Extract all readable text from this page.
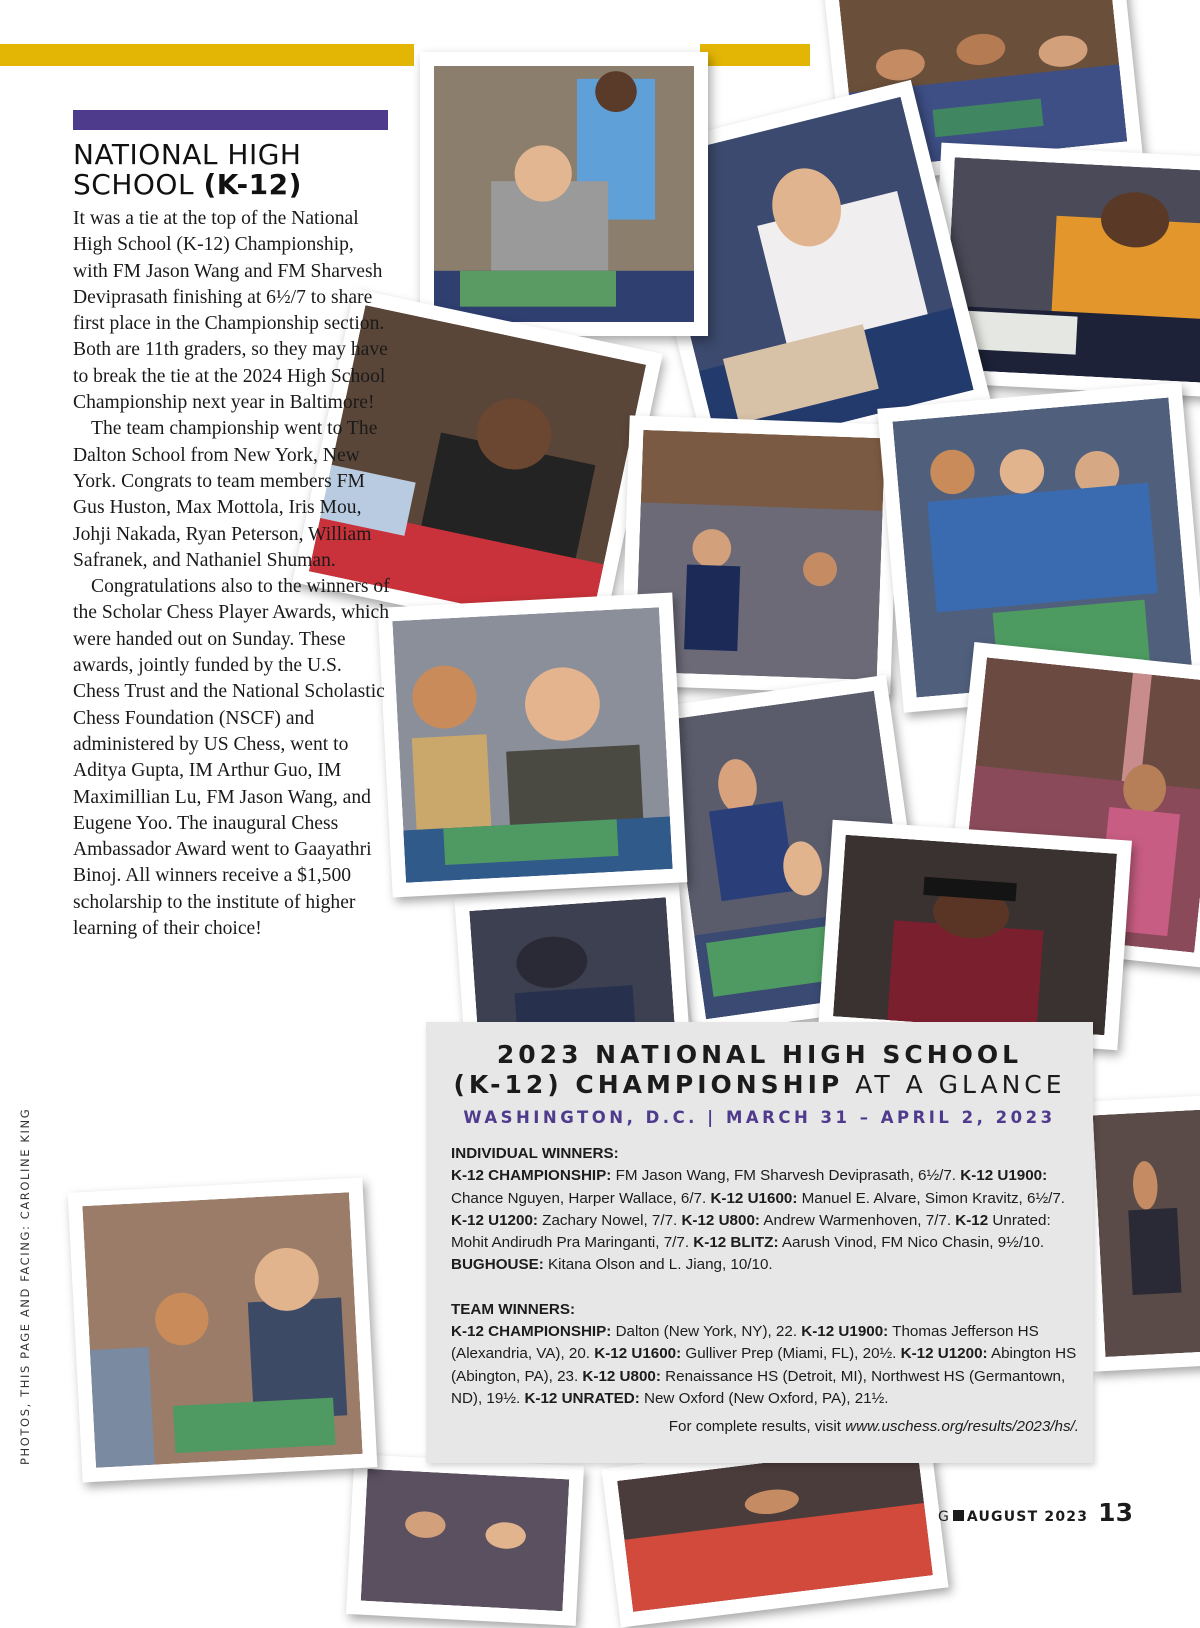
NATIONAL HIGH SCHOOL (K-12)

It was a tie at the top of the National High School (K-12) Championship, with FM Jason Wang and FM Sharvesh Deviprasath finishing at 6½/7 to share first place in the Championship section. Both are 11th graders, so they may have to break the tie at the 2024 High School Championship next year in Baltimore!

The team championship went to The Dalton School from New York, New York. Congrats to team members FM Gus Huston, Max Mottola, Iris Mou, Johji Nakada, Ryan Peterson, William Safranek, and Nathaniel Shuman.

Congratulations also to the winners of the Scholar Chess Player Awards, which were handed out on Sunday. These awards, jointly funded by the U.S. Chess Trust and the National Scholastic Chess Foundation (NSCF) and administered by US Chess, went to Aditya Gupta, IM Arthur Guo, IM Maximillian Lu, FM Jason Wang, and Eugene Yoo. The inaugural Chess Ambassador Award went to Gaayathri Binoj. All winners receive a $1,500 scholarship to the institute of higher learning of their choice!

PHOTOS, THIS PAGE AND FACING: CAROLINE KING
2023 NATIONAL HIGH SCHOOL
(K-12) CHAMPIONSHIP AT A GLANCE
WASHINGTON, D.C. | MARCH 31 – APRIL 2, 2023
INDIVIDUAL WINNERS:
K-12 CHAMPIONSHIP: FM Jason Wang, FM Sharvesh Deviprasath, 6½/7. K-12 U1900: Chance Nguyen, Harper Wallace, 6/7. K-12 U1600: Manuel E. Alvare, Simon Kravitz, 6½/7. K-12 U1200: Zachary Nowel, 7/7. K-12 U800: Andrew Warmenhoven, 7/7. K-12 Unrated: Mohit Andirudh Pra Maringanti, 7/7. K-12 BLITZ: Aarush Vinod, FM Nico Chasin, 9½/10. BUGHOUSE: Kitana Olson and L. Jiang, 10/10.
TEAM WINNERS:
K-12 CHAMPIONSHIP: Dalton (New York, NY), 22. K-12 U1900: Thomas Jefferson HS (Alexandria, VA), 20. K-12 U1600: Gulliver Prep (Miami, FL), 20½. K-12 U1200: Abington HS (Abington, PA), 23. K-12 U800: Renaissance HS (Detroit, MI), Northwest HS (Germantown, ND), 19½. K-12 UNRATED: New Oxford (New Oxford, PA), 21½.
For complete results, visit www.uschess.org/results/2023/hs/.
G AUGUST 2023 13
